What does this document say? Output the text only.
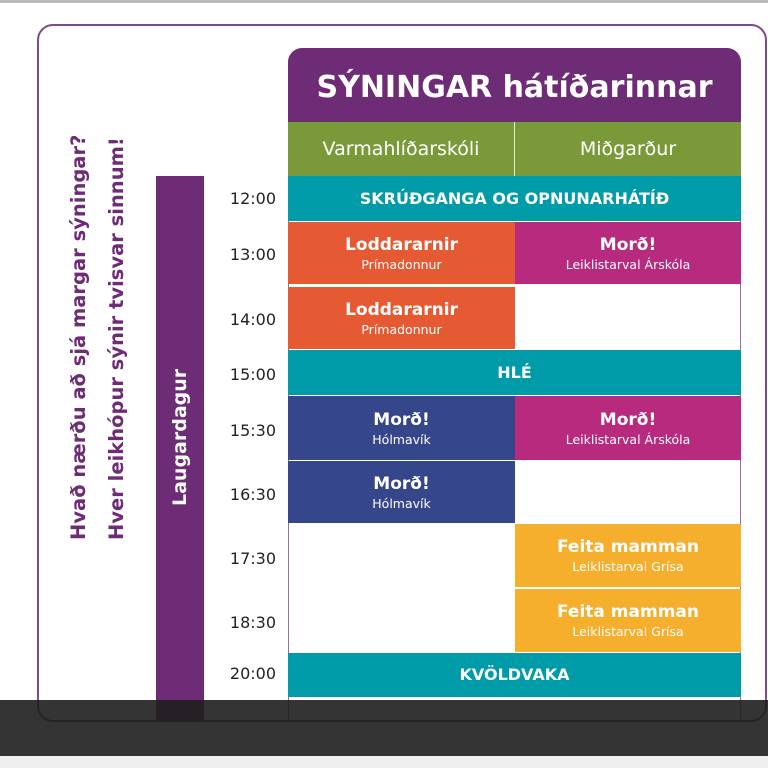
Hvað nærðu að sjá margar sýningar? Hver leikhópur sýnir tvisvar sinnum!	Laugardagur
12:00
13:00
14:00
15:00
15:30
16:30
17:30
18:30
20:00
SÝNINGAR hátíðarinnar
Varmahlíðarskóli	Miðgarður
SKRÚÐGANGA OG OPNUNARHÁTÍÐ
Loddararnir
Prímadonnur
Morð!
Leiklistarval Árskóla
Loddararnir
Prímadonnur
HLÉ
Morð!
Hólmavík
Morð!
Leiklistarval Árskóla
Morð!
Hólmavík
Feita mamman
Leiklistarval Grísa
Feita mamman
Leiklistarval Grísa
KVÖLDVAKA
